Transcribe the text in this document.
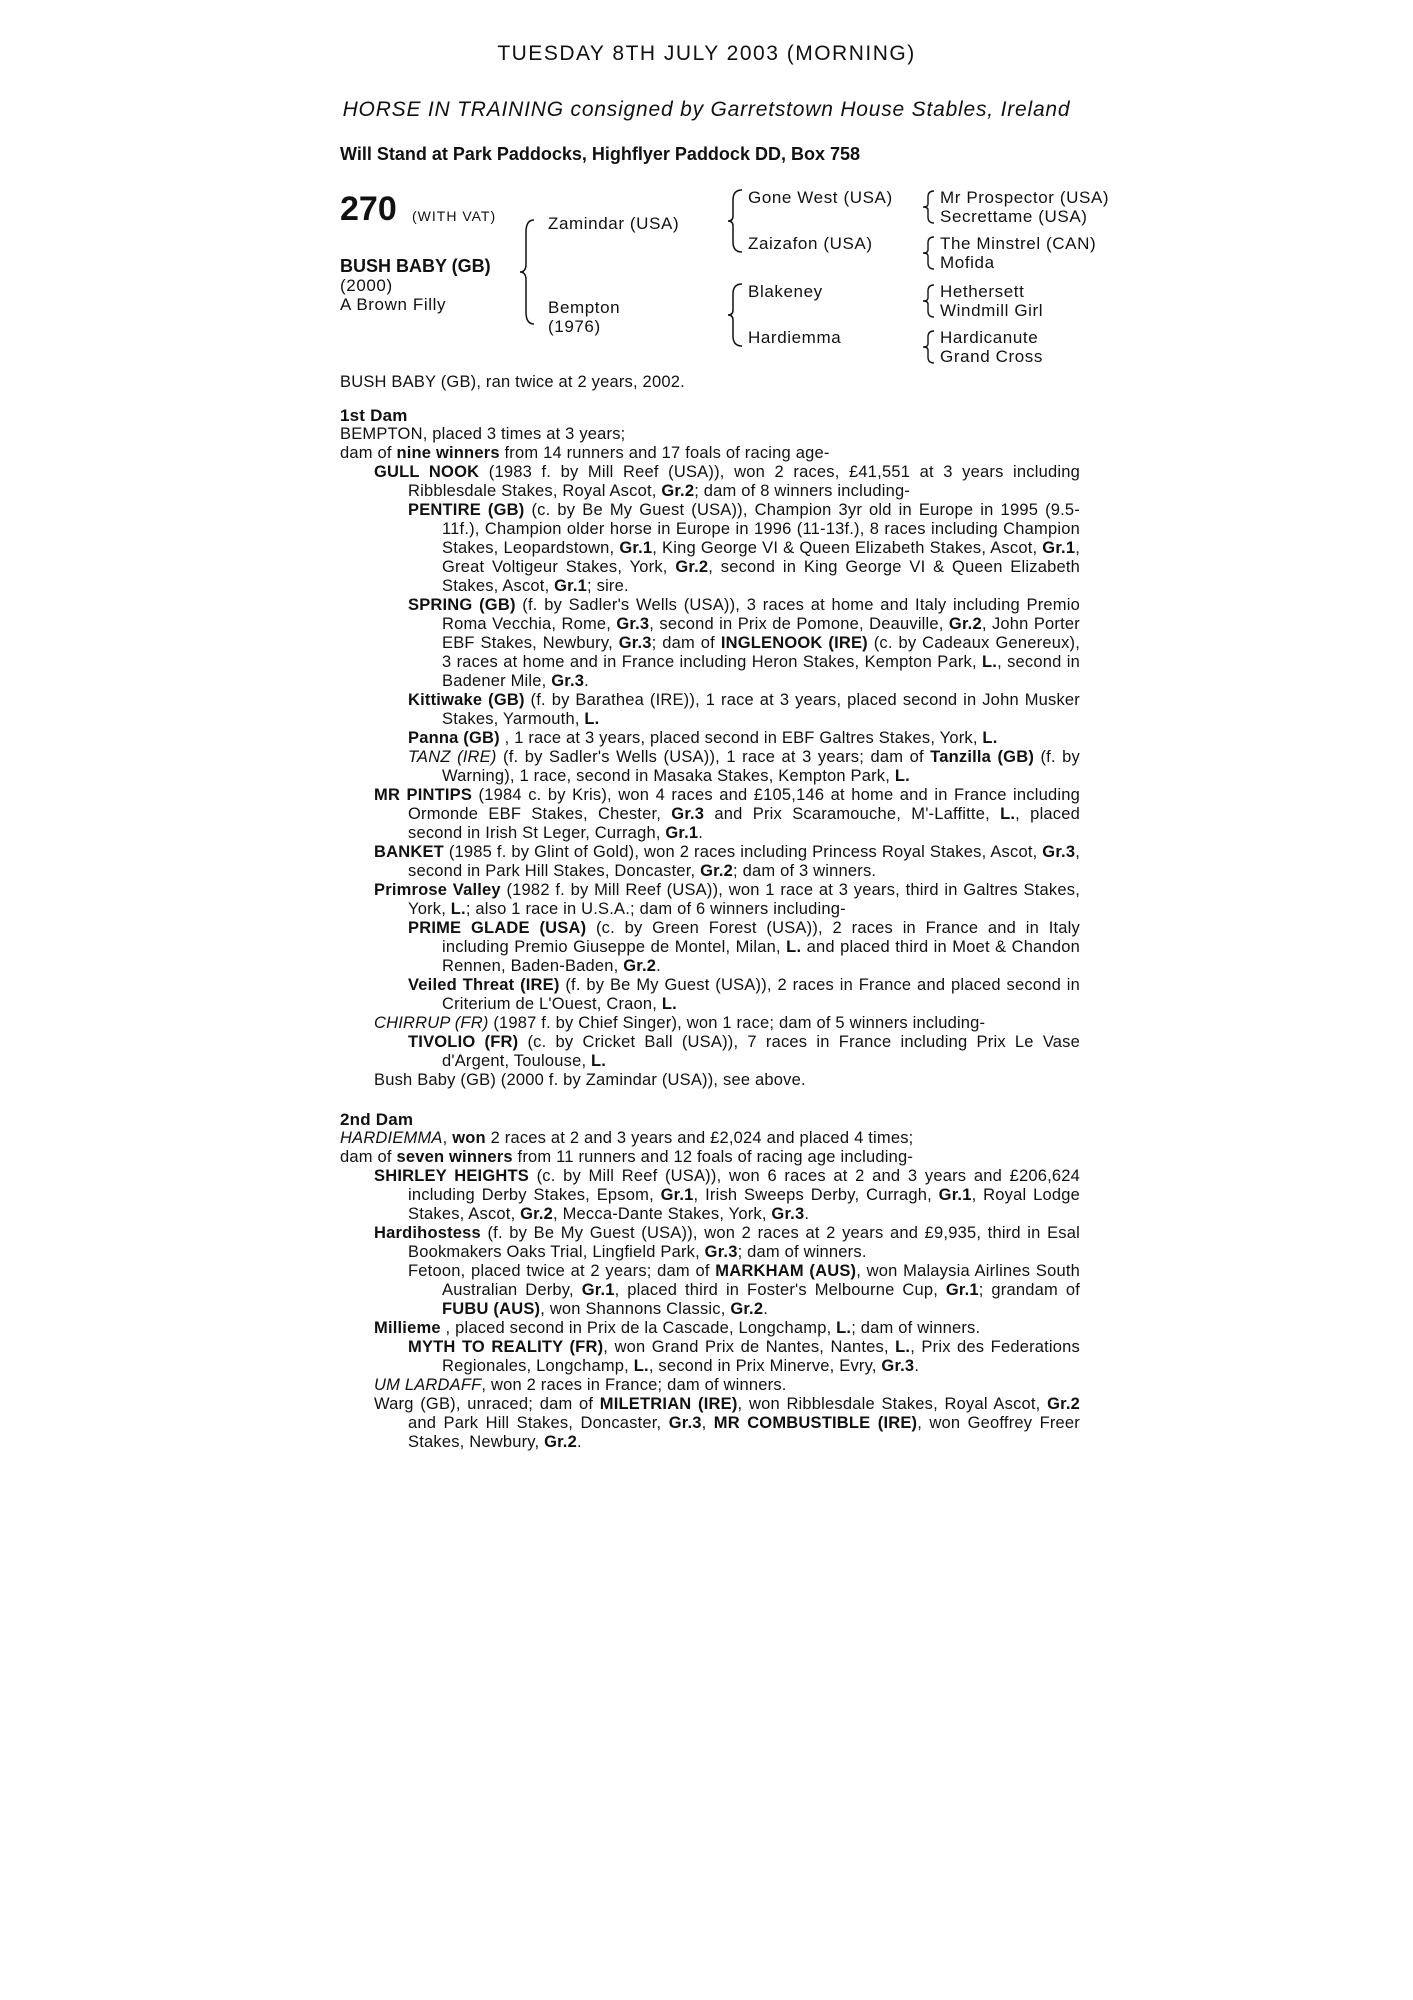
TUESDAY 8TH JULY 2003 (MORNING)
HORSE IN TRAINING consigned by Garretstown House Stables, Ireland
Will Stand at Park Paddocks, Highflyer Paddock DD, Box 758
270 (WITH VAT)
BUSH BABY (GB)
(2000)
A Brown Filly
Zamindar (USA)
Bempton
(1976)
Gone West (USA)
Zaizafon (USA)
Blakeney
Hardiemma
Mr Prospector (USA)
Secrettame (USA)
The Minstrel (CAN)
Mofida
Hethersett
Windmill Girl
Hardicanute
Grand Cross

BUSH BABY (GB), ran twice at 2 years, 2002.

1st Dam

BEMPTON, placed 3 times at 3 years;

dam of nine winners from 14 runners and 17 foals of racing age-

GULL NOOK (1983 f. by Mill Reef (USA)), won 2 races, £41,551 at 3 years including Ribblesdale Stakes, Royal Ascot, Gr.2; dam of 8 winners including-

PENTIRE (GB) (c. by Be My Guest (USA)), Champion 3yr old in Europe in 1995 (9.5-11f.), Champion older horse in Europe in 1996 (11-13f.), 8 races including Champion Stakes, Leopardstown, Gr.1, King George VI & Queen Elizabeth Stakes, Ascot, Gr.1, Great Voltigeur Stakes, York, Gr.2, second in King George VI & Queen Elizabeth Stakes, Ascot, Gr.1; sire.

SPRING (GB) (f. by Sadler's Wells (USA)), 3 races at home and Italy including Premio Roma Vecchia, Rome, Gr.3, second in Prix de Pomone, Deauville, Gr.2, John Porter EBF Stakes, Newbury, Gr.3; dam of INGLENOOK (IRE) (c. by Cadeaux Genereux), 3 races at home and in France including Heron Stakes, Kempton Park, L., second in Badener Mile, Gr.3.

Kittiwake (GB) (f. by Barathea (IRE)), 1 race at 3 years, placed second in John Musker Stakes, Yarmouth, L.

Panna (GB) , 1 race at 3 years, placed second in EBF Galtres Stakes, York, L.

TANZ (IRE) (f. by Sadler's Wells (USA)), 1 race at 3 years; dam of Tanzilla (GB) (f. by Warning), 1 race, second in Masaka Stakes, Kempton Park, L.

MR PINTIPS (1984 c. by Kris), won 4 races and £105,146 at home and in France including Ormonde EBF Stakes, Chester, Gr.3 and Prix Scaramouche, M'-Laffitte, L., placed second in Irish St Leger, Curragh, Gr.1.

BANKET (1985 f. by Glint of Gold), won 2 races including Princess Royal Stakes, Ascot, Gr.3, second in Park Hill Stakes, Doncaster, Gr.2; dam of 3 winners.

Primrose Valley (1982 f. by Mill Reef (USA)), won 1 race at 3 years, third in Galtres Stakes, York, L.; also 1 race in U.S.A.; dam of 6 winners including-

PRIME GLADE (USA) (c. by Green Forest (USA)), 2 races in France and in Italy including Premio Giuseppe de Montel, Milan, L. and placed third in Moet & Chandon Rennen, Baden-Baden, Gr.2.

Veiled Threat (IRE) (f. by Be My Guest (USA)), 2 races in France and placed second in Criterium de L'Ouest, Craon, L.

CHIRRUP (FR) (1987 f. by Chief Singer), won 1 race; dam of 5 winners including-

TIVOLIO (FR) (c. by Cricket Ball (USA)), 7 races in France including Prix Le Vase d'Argent, Toulouse, L.

Bush Baby (GB) (2000 f. by Zamindar (USA)), see above.

2nd Dam

HARDIEMMA, won 2 races at 2 and 3 years and £2,024 and placed 4 times;

dam of seven winners from 11 runners and 12 foals of racing age including-

SHIRLEY HEIGHTS (c. by Mill Reef (USA)), won 6 races at 2 and 3 years and £206,624 including Derby Stakes, Epsom, Gr.1, Irish Sweeps Derby, Curragh, Gr.1, Royal Lodge Stakes, Ascot, Gr.2, Mecca-Dante Stakes, York, Gr.3.

Hardihostess (f. by Be My Guest (USA)), won 2 races at 2 years and £9,935, third in Esal Bookmakers Oaks Trial, Lingfield Park, Gr.3; dam of winners.

Fetoon, placed twice at 2 years; dam of MARKHAM (AUS), won Malaysia Airlines South Australian Derby, Gr.1, placed third in Foster's Melbourne Cup, Gr.1; grandam of FUBU (AUS), won Shannons Classic, Gr.2.

Millieme , placed second in Prix de la Cascade, Longchamp, L.; dam of winners.

MYTH TO REALITY (FR), won Grand Prix de Nantes, Nantes, L., Prix des Federations Regionales, Longchamp, L., second in Prix Minerve, Evry, Gr.3.

UM LARDAFF, won 2 races in France; dam of winners.

Warg (GB), unraced; dam of MILETRIAN (IRE), won Ribblesdale Stakes, Royal Ascot, Gr.2 and Park Hill Stakes, Doncaster, Gr.3, MR COMBUSTIBLE (IRE), won Geoffrey Freer Stakes, Newbury, Gr.2.
